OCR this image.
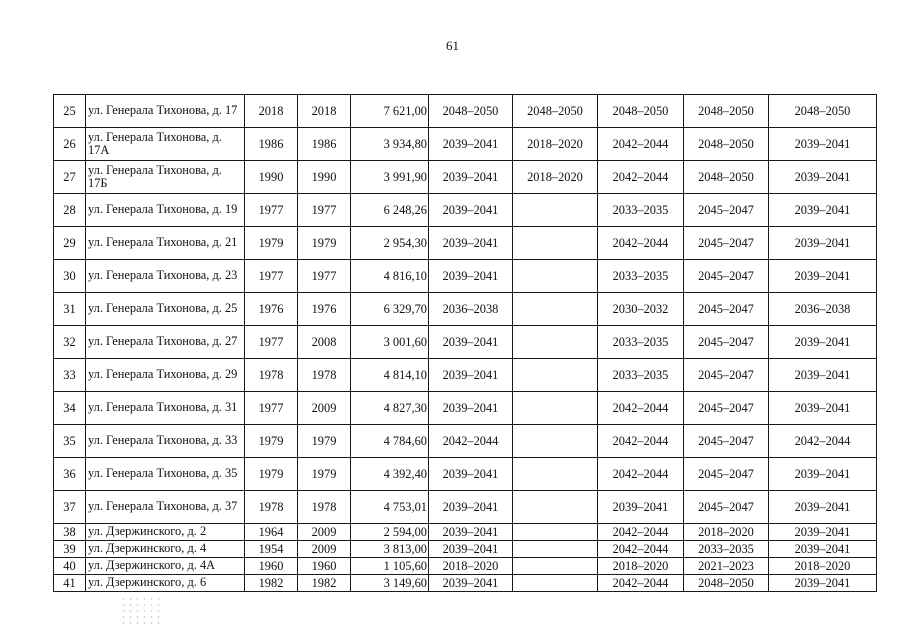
61
25	ул. Генерала Тихонова, д. 17	2018	2018	7 621,00	2048–2050	2048–2050	2048–2050	2048–2050	2048–2050
26	ул. Генерала Тихонова, д. 17А	1986	1986	3 934,80	2039–2041	2018–2020	2042–2044	2048–2050	2039–2041
27	ул. Генерала Тихонова, д. 17Б	1990	1990	3 991,90	2039–2041	2018–2020	2042–2044	2048–2050	2039–2041
28	ул. Генерала Тихонова, д. 19	1977	1977	6 248,26	2039–2041		2033–2035	2045–2047	2039–2041
29	ул. Генерала Тихонова, д. 21	1979	1979	2 954,30	2039–2041		2042–2044	2045–2047	2039–2041
30	ул. Генерала Тихонова, д. 23	1977	1977	4 816,10	2039–2041		2033–2035	2045–2047	2039–2041
31	ул. Генерала Тихонова, д. 25	1976	1976	6 329,70	2036–2038		2030–2032	2045–2047	2036–2038
32	ул. Генерала Тихонова, д. 27	1977	2008	3 001,60	2039–2041		2033–2035	2045–2047	2039–2041
33	ул. Генерала Тихонова, д. 29	1978	1978	4 814,10	2039–2041		2033–2035	2045–2047	2039–2041
34	ул. Генерала Тихонова, д. 31	1977	2009	4 827,30	2039–2041		2042–2044	2045–2047	2039–2041
35	ул. Генерала Тихонова, д. 33	1979	1979	4 784,60	2042–2044		2042–2044	2045–2047	2042–2044
36	ул. Генерала Тихонова, д. 35	1979	1979	4 392,40	2039–2041		2042–2044	2045–2047	2039–2041
37	ул. Генерала Тихонова, д. 37	1978	1978	4 753,01	2039–2041		2039–2041	2045–2047	2039–2041
38	ул. Дзержинского, д. 2	1964	2009	2 594,00	2039–2041		2042–2044	2018–2020	2039–2041
39	ул. Дзержинского, д. 4	1954	2009	3 813,00	2039–2041		2042–2044	2033–2035	2039–2041
40	ул. Дзержинского, д. 4А	1960	1960	1 105,60	2018–2020		2018–2020	2021–2023	2018–2020
41	ул. Дзержинского, д. 6	1982	1982	3 149,60	2039–2041		2042–2044	2048–2050	2039–2041
